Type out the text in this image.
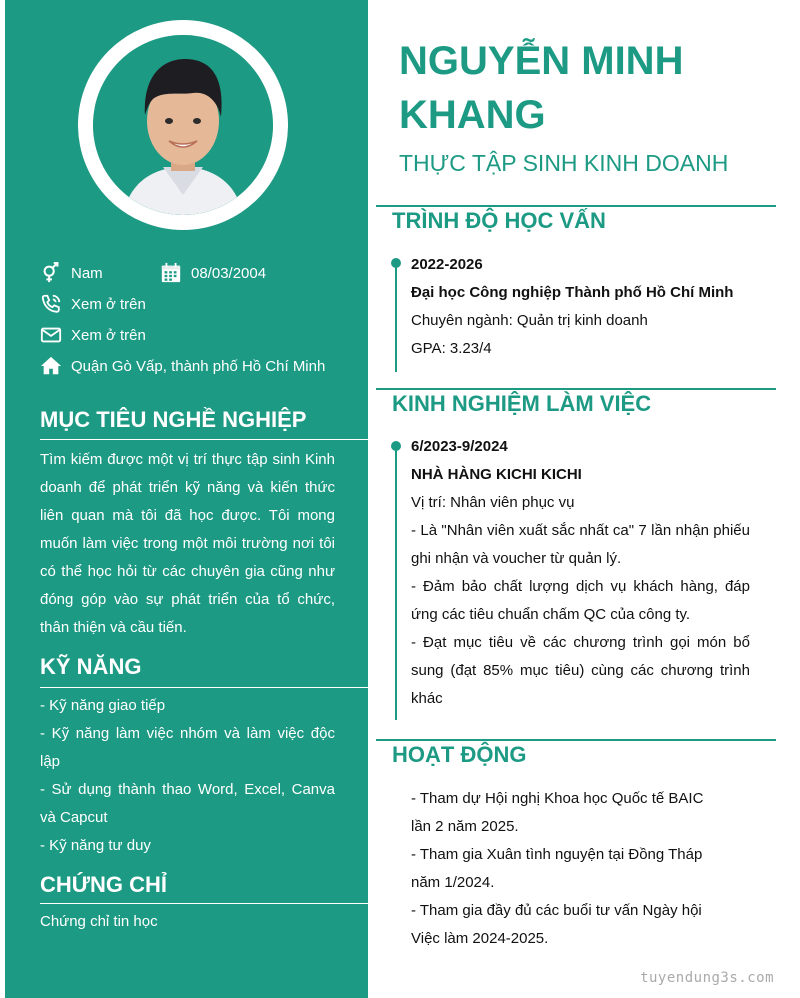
Nam	08/03/2004
Xem ở trên
Xem ở trên
Quận Gò Vấp, thành phố Hồ Chí Minh
MỤC TIÊU NGHỀ NGHIỆP

Tìm kiếm được một vị trí thực tập sinh Kinh doanh để phát triển kỹ năng và kiến thức liên quan mà tôi đã học được. Tôi mong muốn làm việc trong một môi trường nơi tôi có thể học hỏi từ các chuyên gia cũng như đóng góp vào sự phát triển của tổ chức, thân thiện và cầu tiến.

KỸ NĂNG

- Kỹ năng giao tiếp

- Kỹ năng làm việc nhóm và làm việc độc lập

- Sử dụng thành thao Word, Excel, Canva và Capcut

- Kỹ năng tư duy

CHỨNG CHỈ

Chứng chỉ tin học

NGUYỄN MINH
KHANG
THỰC TẬP SINH KINH DOANH
TRÌNH ĐỘ HỌC VẤN

2022-2026

Đại học Công nghiệp Thành phố Hồ Chí Minh

Chuyên ngành: Quản trị kinh doanh

GPA: 3.23/4

KINH NGHIỆM LÀM VIỆC

6/2023-9/2024

NHÀ HÀNG KICHI KICHI

Vị trí: Nhân viên phục vụ

- Là "Nhân viên xuất sắc nhất ca" 7 lần nhận phiếu ghi nhận và voucher từ quản lý.

- Đảm bảo chất lượng dịch vụ khách hàng, đáp ứng các tiêu chuẩn chấm QC của công ty.

- Đạt mục tiêu về các chương trình gọi món bổ sung (đạt 85% mục tiêu) cùng các chương trình khác

HOẠT ĐỘNG

- Tham dự Hội nghị Khoa học Quốc tế BAIC lần 2 năm 2025.

- Tham gia Xuân tình nguyện tại Đồng Tháp năm 1/2024.

- Tham gia đầy đủ các buổi tư vấn Ngày hội Việc làm 2024-2025.

tuyendung3s.com
